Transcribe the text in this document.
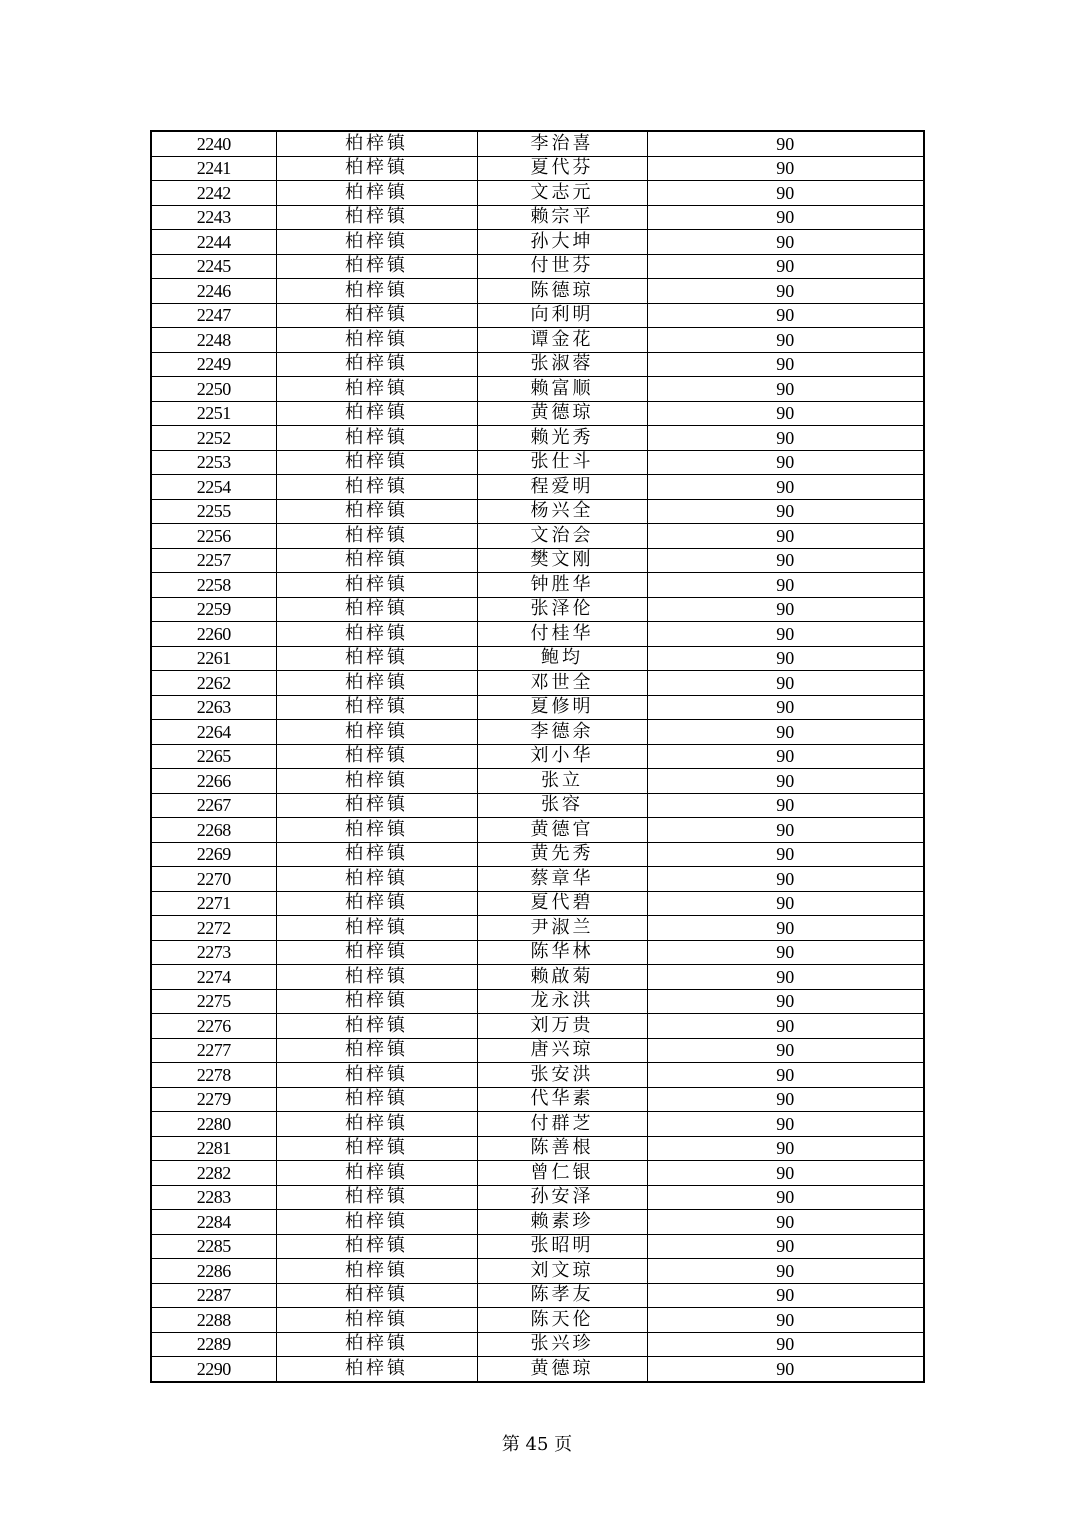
2240	柏梓镇	李治喜	90
2241	柏梓镇	夏代芬	90
2242	柏梓镇	文志元	90
2243	柏梓镇	赖宗平	90
2244	柏梓镇	孙大坤	90
2245	柏梓镇	付世芬	90
2246	柏梓镇	陈德琼	90
2247	柏梓镇	向利明	90
2248	柏梓镇	谭金花	90
2249	柏梓镇	张淑蓉	90
2250	柏梓镇	赖富顺	90
2251	柏梓镇	黄德琼	90
2252	柏梓镇	赖光秀	90
2253	柏梓镇	张仕斗	90
2254	柏梓镇	程爱明	90
2255	柏梓镇	杨兴全	90
2256	柏梓镇	文治会	90
2257	柏梓镇	樊文刚	90
2258	柏梓镇	钟胜华	90
2259	柏梓镇	张泽伦	90
2260	柏梓镇	付桂华	90
2261	柏梓镇	鲍均	90
2262	柏梓镇	邓世全	90
2263	柏梓镇	夏修明	90
2264	柏梓镇	李德余	90
2265	柏梓镇	刘小华	90
2266	柏梓镇	张立	90
2267	柏梓镇	张容	90
2268	柏梓镇	黄德官	90
2269	柏梓镇	黄先秀	90
2270	柏梓镇	蔡章华	90
2271	柏梓镇	夏代碧	90
2272	柏梓镇	尹淑兰	90
2273	柏梓镇	陈华林	90
2274	柏梓镇	赖啟菊	90
2275	柏梓镇	龙永洪	90
2276	柏梓镇	刘万贵	90
2277	柏梓镇	唐兴琼	90
2278	柏梓镇	张安洪	90
2279	柏梓镇	代华素	90
2280	柏梓镇	付群芝	90
2281	柏梓镇	陈善根	90
2282	柏梓镇	曾仁银	90
2283	柏梓镇	孙安泽	90
2284	柏梓镇	赖素珍	90
2285	柏梓镇	张昭明	90
2286	柏梓镇	刘文琼	90
2287	柏梓镇	陈孝友	90
2288	柏梓镇	陈天伦	90
2289	柏梓镇	张兴珍	90
2290	柏梓镇	黄德琼	90
第 45 页
